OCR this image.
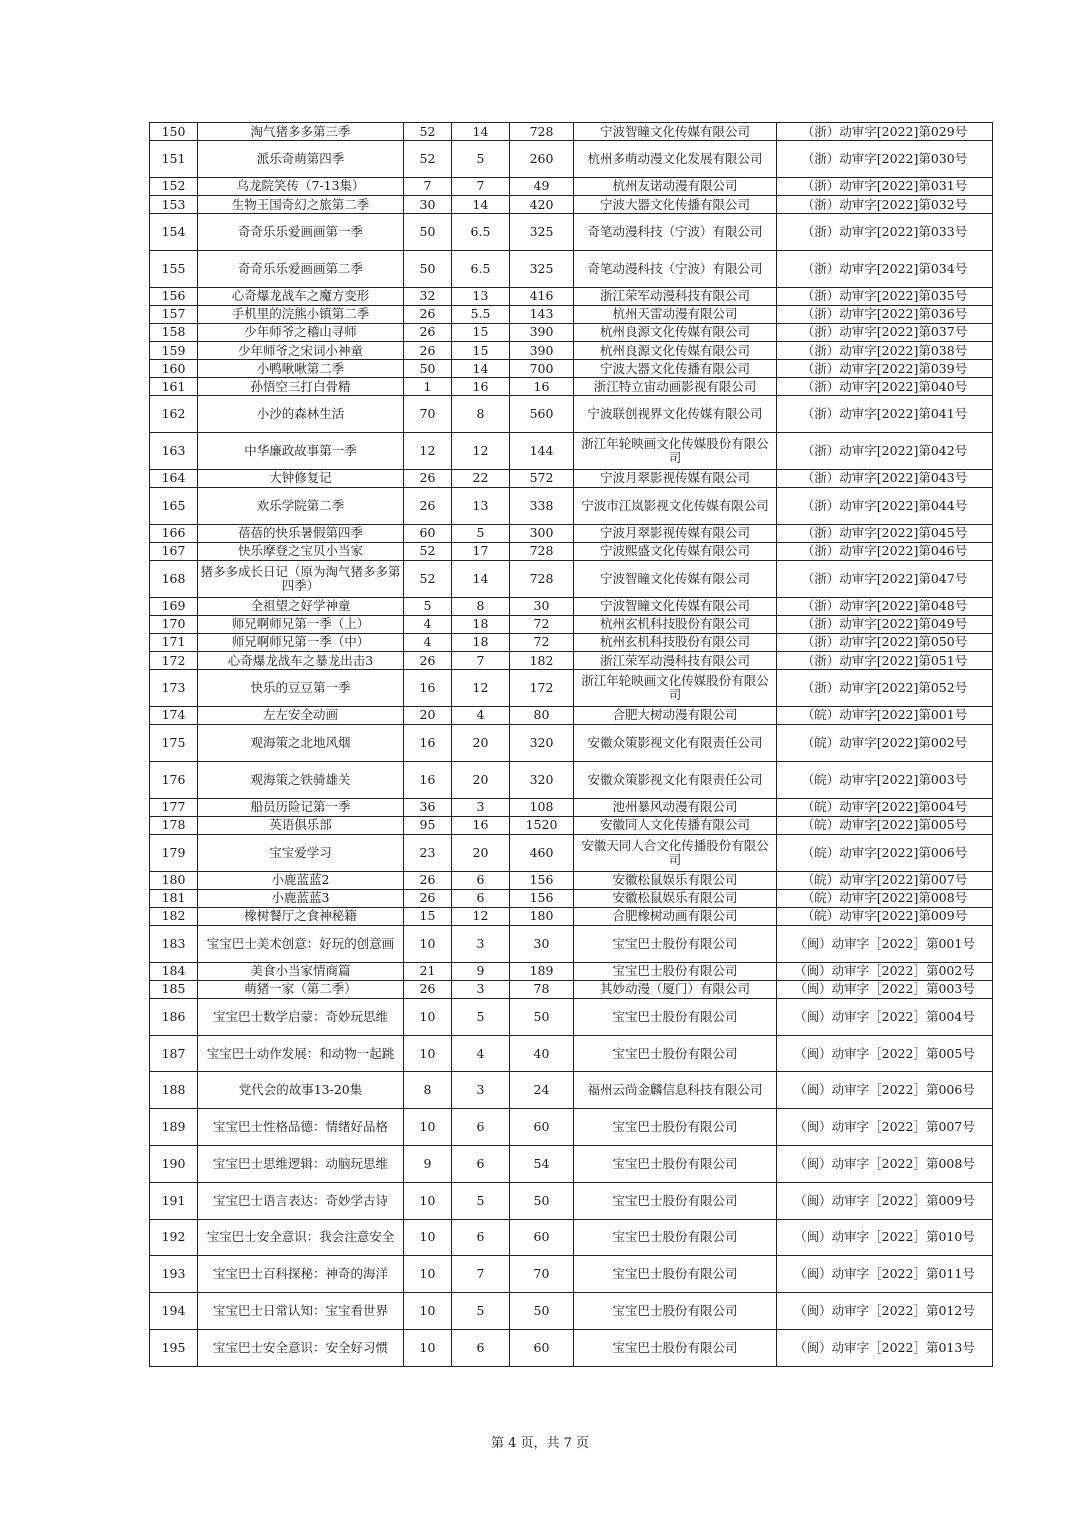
150	淘气猪多多第三季	52	14	728	宁波智瞳文化传媒有限公司	（浙）动审字[2022]第029号
151	派乐奇萌第四季	52	5	260	杭州多萌动漫文化发展有限公司	（浙）动审字[2022]第030号
152	乌龙院笑传（7-13集）	7	7	49	杭州友诺动漫有限公司	（浙）动审字[2022]第031号
153	生物王国奇幻之旅第二季	30	14	420	宁波大器文化传播有限公司	（浙）动审字[2022]第032号
154	奇奇乐乐爱画画第一季	50	6.5	325	奇笔动漫科技（宁波）有限公司	（浙）动审字[2022]第033号
155	奇奇乐乐爱画画第二季	50	6.5	325	奇笔动漫科技（宁波）有限公司	（浙）动审字[2022]第034号
156	心奇爆龙战车之魔方变形	32	13	416	浙江荣军动漫科技有限公司	（浙）动审字[2022]第035号
157	手机里的浣熊小镇第二季	26	5.5	143	杭州天雷动漫有限公司	（浙）动审字[2022]第036号
158	少年师爷之稽山寻师	26	15	390	杭州良源文化传媒有限公司	（浙）动审字[2022]第037号
159	少年师爷之宋词小神童	26	15	390	杭州良源文化传媒有限公司	（浙）动审字[2022]第038号
160	小鸭啾啾第二季	50	14	700	宁波大器文化传播有限公司	（浙）动审字[2022]第039号
161	孙悟空三打白骨精	1	16	16	浙江特立宙动画影视有限公司	（浙）动审字[2022]第040号
162	小沙的森林生活	70	8	560	宁波联创视界文化传媒有限公司	（浙）动审字[2022]第041号
163	中华廉政故事第一季	12	12	144	浙江年轮映画文化传媒股份有限公司	（浙）动审字[2022]第042号
164	大钟修复记	26	22	572	宁波月翠影视传媒有限公司	（浙）动审字[2022]第043号
165	欢乐学院第二季	26	13	338	宁波市江岚影视文化传媒有限公司	（浙）动审字[2022]第044号
166	蓓蓓的快乐暑假第四季	60	5	300	宁波月翠影视传媒有限公司	（浙）动审字[2022]第045号
167	快乐摩登之宝贝小当家	52	17	728	宁波熙盛文化传媒有限公司	（浙）动审字[2022]第046号
168	猪多多成长日记（原为淘气猪多多第四季）	52	14	728	宁波智瞳文化传媒有限公司	（浙）动审字[2022]第047号
169	全祖望之好学神童	5	8	30	宁波智瞳文化传媒有限公司	（浙）动审字[2022]第048号
170	师兄啊师兄第一季（上）	4	18	72	杭州玄机科技股份有限公司	（浙）动审字[2022]第049号
171	师兄啊师兄第一季（中）	4	18	72	杭州玄机科技股份有限公司	（浙）动审字[2022]第050号
172	心奇爆龙战车之暴龙出击3	26	7	182	浙江荣军动漫科技有限公司	（浙）动审字[2022]第051号
173	快乐的豆豆第一季	16	12	172	浙江年轮映画文化传媒股份有限公司	（浙）动审字[2022]第052号
174	左左安全动画	20	4	80	合肥大树动漫有限公司	（皖）动审字[2022]第001号
175	观海策之北地风烟	16	20	320	安徽众策影视文化有限责任公司	（皖）动审字[2022]第002号
176	观海策之铁骑雄关	16	20	320	安徽众策影视文化有限责任公司	（皖）动审字[2022]第003号
177	船员历险记第一季	36	3	108	池州暴风动漫有限公司	（皖）动审字[2022]第004号
178	英语俱乐部	95	16	1520	安徽同人文化传播有限公司	（皖）动审字[2022]第005号
179	宝宝爱学习	23	20	460	安徽天同人合文化传播股份有限公司	（皖）动审字[2022]第006号
180	小鹿蓝蓝2	26	6	156	安徽松鼠娱乐有限公司	（皖）动审字[2022]第007号
181	小鹿蓝蓝3	26	6	156	安徽松鼠娱乐有限公司	（皖）动审字[2022]第008号
182	橡树餐厅之食神秘籍	15	12	180	合肥橡树动画有限公司	（皖）动审字[2022]第009号
183	宝宝巴士美术创意：好玩的创意画	10	3	30	宝宝巴士股份有限公司	（闽）动审字［2022］第001号
184	美食小当家情商篇	21	9	189	宝宝巴士股份有限公司	（闽）动审字［2022］第002号
185	萌猪一家（第二季）	26	3	78	其妙动漫（厦门）有限公司	（闽）动审字［2022］第003号
186	宝宝巴士数学启蒙：奇妙玩思维	10	5	50	宝宝巴士股份有限公司	（闽）动审字［2022］第004号
187	宝宝巴士动作发展：和动物一起跳	10	4	40	宝宝巴士股份有限公司	（闽）动审字［2022］第005号
188	党代会的故事13-20集	8	3	24	福州云尚金麟信息科技有限公司	（闽）动审字［2022］第006号
189	宝宝巴士性格品德：情绪好品格	10	6	60	宝宝巴士股份有限公司	（闽）动审字［2022］第007号
190	宝宝巴士思维逻辑：动脑玩思维	9	6	54	宝宝巴士股份有限公司	（闽）动审字［2022］第008号
191	宝宝巴士语言表达：奇妙学古诗	10	5	50	宝宝巴士股份有限公司	（闽）动审字［2022］第009号
192	宝宝巴士安全意识：我会注意安全	10	6	60	宝宝巴士股份有限公司	（闽）动审字［2022］第010号
193	宝宝巴士百科探秘：神奇的海洋	10	7	70	宝宝巴士股份有限公司	（闽）动审字［2022］第011号
194	宝宝巴士日常认知：宝宝看世界	10	5	50	宝宝巴士股份有限公司	（闽）动审字［2022］第012号
195	宝宝巴士安全意识：安全好习惯	10	6	60	宝宝巴士股份有限公司	（闽）动审字［2022］第013号
第 4 页，共 7 页
